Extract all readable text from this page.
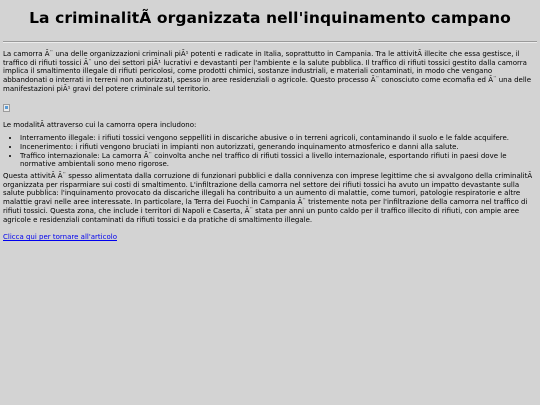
La criminalitÃ organizzata nell'inquinamento campano

La camorra Ã¨ una delle organizzazioni criminali piÃ¹ potenti e radicate in Italia, soprattutto in Campania. Tra le attivitÃ illecite che essa gestisce, il traffico di rifiuti tossici Ã¨ uno dei settori piÃ¹ lucrativi e devastanti per l'ambiente e la salute pubblica. Il traffico di rifiuti tossici gestito dalla camorra implica il smaltimento illegale di rifiuti pericolosi, come prodotti chimici, sostanze industriali, e materiali contaminati, in modo che vengano abbandonati o interrati in terreni non autorizzati, spesso in aree residenziali o agricole. Questo processo Ã¨ conosciuto come ecomafia ed Ã¨ una delle manifestazioni piÃ¹ gravi del potere criminale sul territorio.

Le modalitÃ attraverso cui la camorra opera includono:

• Interramento illegale: i rifiuti tossici vengono seppelliti in discariche abusive o in terreni agricoli, contaminando il suolo e le falde acquifere.
• Incenerimento: i rifiuti vengono bruciati in impianti non autorizzati, generando inquinamento atmosferico e danni alla salute.
• Traffico internazionale: La camorra Ã¨ coinvolta anche nel traffico di rifiuti tossici a livello internazionale, esportando rifiuti in paesi dove le normative ambientali sono meno rigorose.

Questa attivitÃ Ã¨ spesso alimentata dalla corruzione di funzionari pubblici e dalla connivenza con imprese legittime che si avvalgono della criminalitÃ organizzata per risparmiare sui costi di smaltimento. L'infiltrazione della camorra nel settore dei rifiuti tossici ha avuto un impatto devastante sulla salute pubblica: l'inquinamento provocato da discariche illegali ha contribuito a un aumento di malattie, come tumori, patologie respiratorie e altre malattie gravi nelle aree interessate. In particolare, la Terra dei Fuochi in Campania Ã¨ tristemente nota per l'infiltrazione della camorra nel traffico di rifiuti tossici. Questa zona, che include i territori di Napoli e Caserta, Ã¨ stata per anni un punto caldo per il traffico illecito di rifiuti, con ampie aree agricole e residenziali contaminati da rifiuti tossici e da pratiche di smaltimento illegale.

Clicca qui per tornare all'articolo
